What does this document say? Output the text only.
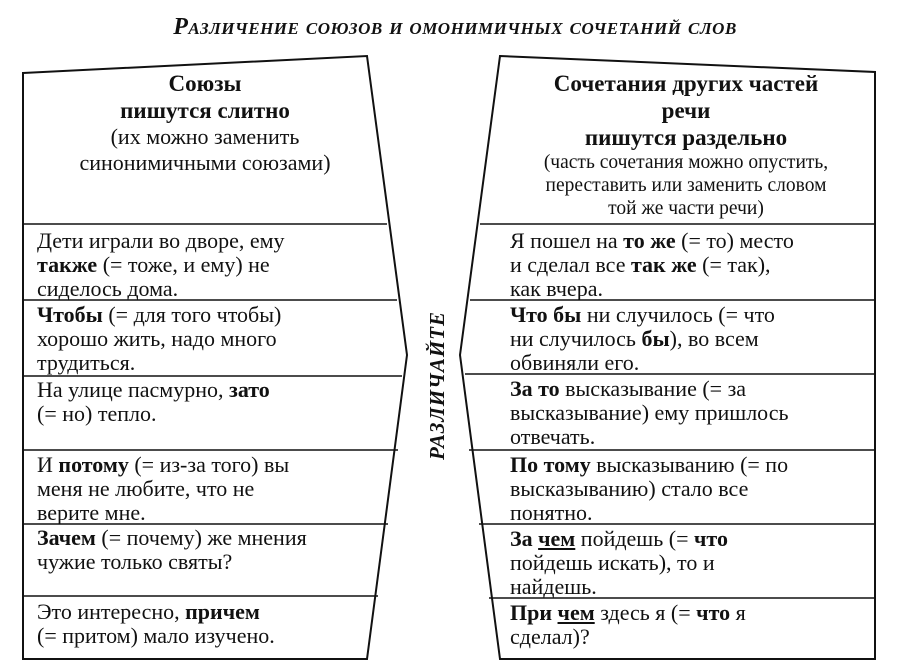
Различение союзов и омонимичных сочетаний слов
Союзы
пишутся слитно
(их можно заменить
синонимичными союзами)
Сочетания других частей
речи
пишутся раздельно
(часть сочетания можно опустить,
переставить или заменить словом
той же части речи)
Дети играли во дворе, ему
также (= тоже, и ему) не
сиделось дома.
Чтобы (= для того чтобы)
хорошо жить, надо много
трудиться.
На улице пасмурно, зато
(= но) тепло.
И потому (= из-за того) вы
меня не любите, что не
верите мне.
Зачем (= почему) же мнения
чужие только святы?
Это интересно, причем
(= притом) мало изучено.
Я пошел на то же (= то) место
и сделал все так же (= так),
как вчера.
Что бы ни случилось (= что
ни случилось бы), во всем
обвиняли его.
За то высказывание (= за
высказывание) ему пришлось
отвечать.
По тому высказыванию (= по
высказыванию) стало все
понятно.
За чем пойдешь (= что
пойдешь искать), то и
найдешь.
При чем здесь я (= что я
сделал)?
РАЗЛИЧАЙТЕ
